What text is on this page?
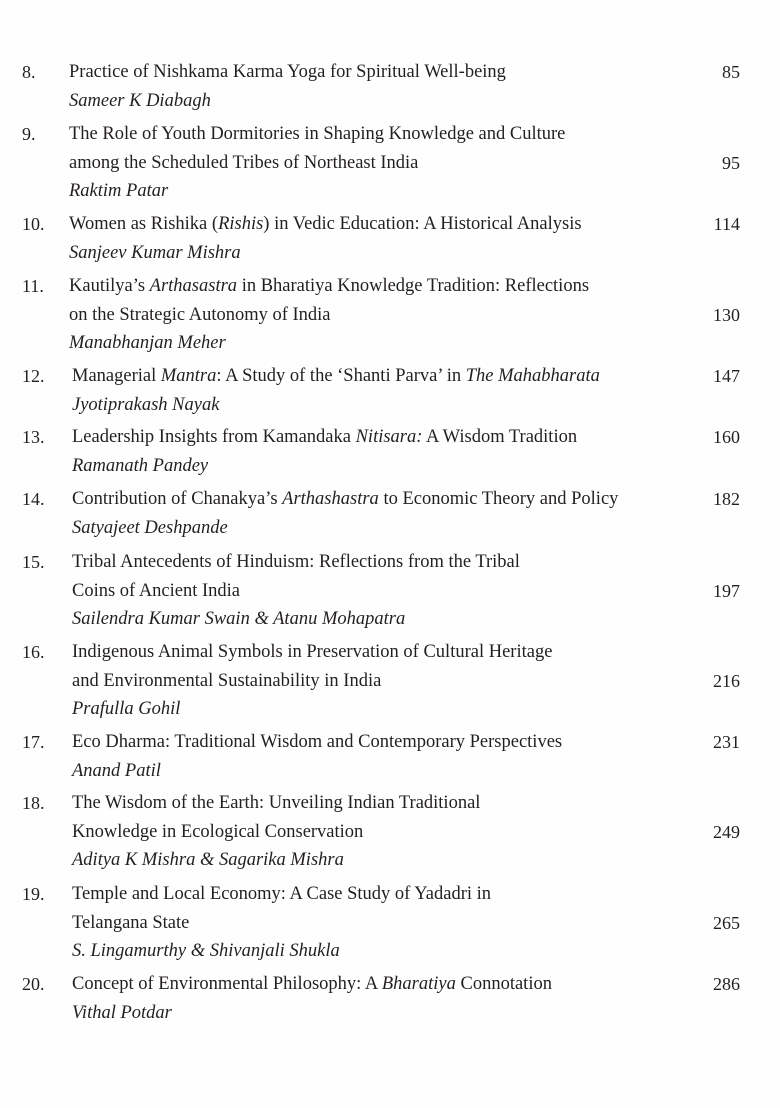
8. Practice of Nishkama Karma Yoga for Spiritual Well-being
Sameer K Diabagh
85
9. The Role of Youth Dormitories in Shaping Knowledge and Culture
among the Scheduled Tribes of Northeast India
Raktim Patar
95
10. Women as Rishika (Rishis) in Vedic Education: A Historical Analysis
Sanjeev Kumar Mishra
114
11. Kautilya’s Arthasastra in Bharatiya Knowledge Tradition: Reflections
on the Strategic Autonomy of India
Manabhanjan Meher
130
12. Managerial Mantra: A Study of the ‘Shanti Parva’ in The Mahabharata
Jyotiprakash Nayak
147
13. Leadership Insights from Kamandaka Nitisara: A Wisdom Tradition
Ramanath Pandey
160
14. Contribution of Chanakya’s Arthashastra to Economic Theory and Policy
Satyajeet Deshpande
182
15. Tribal Antecedents of Hinduism: Reflections from the Tribal
Coins of Ancient India
Sailendra Kumar Swain & Atanu Mohapatra
197
16. Indigenous Animal Symbols in Preservation of Cultural Heritage
and Environmental Sustainability in India
Prafulla Gohil
216
17. Eco Dharma: Traditional Wisdom and Contemporary Perspectives
Anand Patil
231
18. The Wisdom of the Earth: Unveiling Indian Traditional
Knowledge in Ecological Conservation
Aditya K Mishra & Sagarika Mishra
249
19. Temple and Local Economy: A Case Study of Yadadri in
Telangana State
S. Lingamurthy & Shivanjali Shukla
265
20. Concept of Environmental Philosophy: A Bharatiya Connotation
Vithal Potdar
286
